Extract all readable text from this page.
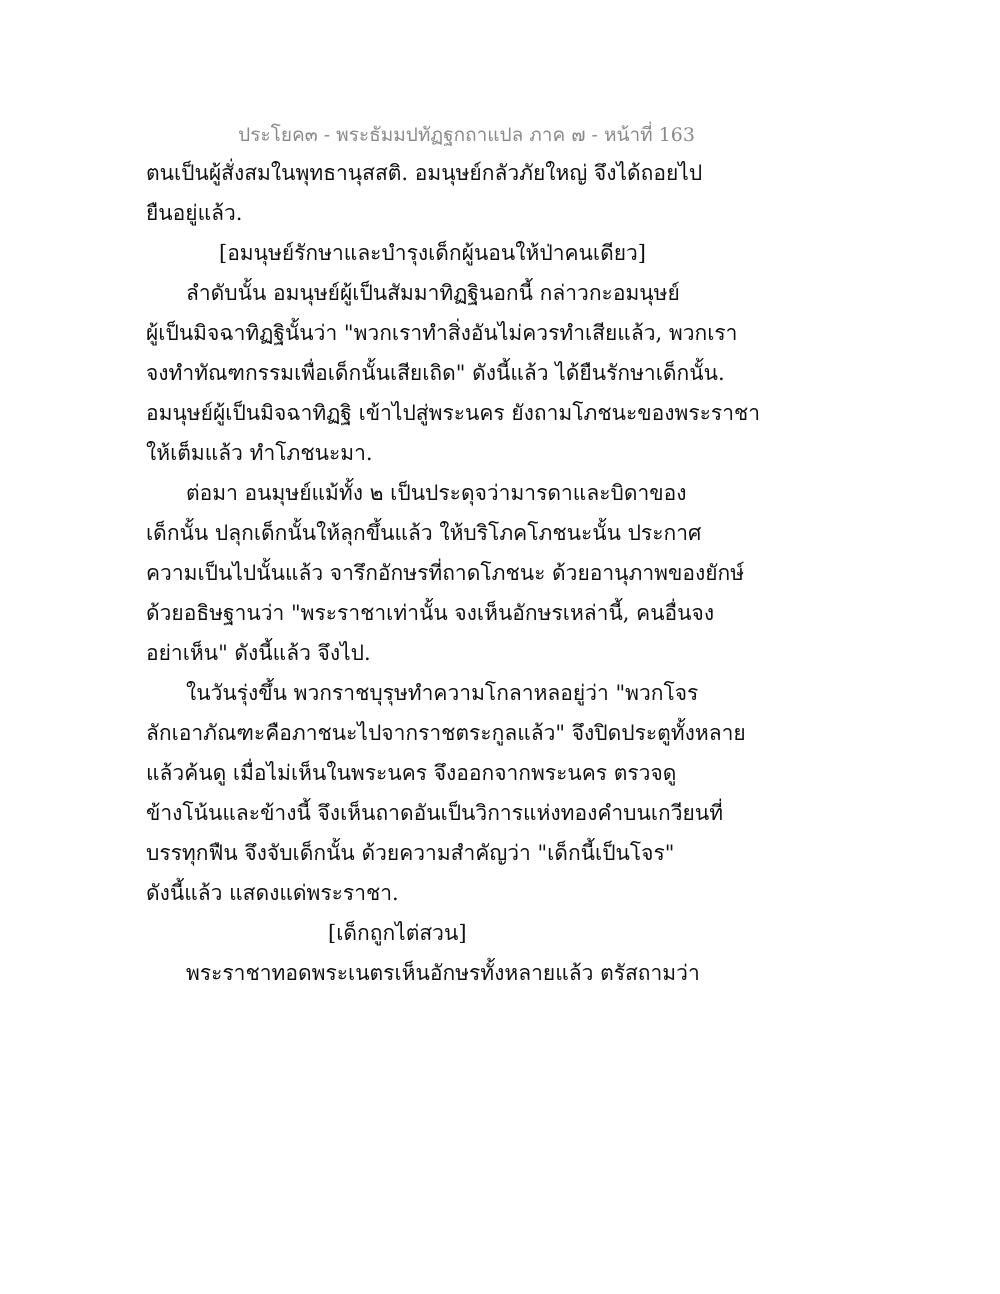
ประโยค๓ - พระธัมมปทัฏฐกถาแปล ภาค ๗ - หน้าที่ 163
ตนเป็นผู้สั่งสมในพุทธานุสสติ. อมนุษย์กลัวภัยใหญ่ จึงได้ถอยไป
ยืนอยู่แล้ว.
[อมนุษย์รักษาและบำรุงเด็กผู้นอนให้ป่าคนเดียว]
ลำดับนั้น อมนุษย์ผู้เป็นสัมมาทิฏฐินอกนี้ กล่าวกะอมนุษย์
ผู้เป็นมิจฉาทิฏฐินั้นว่า "พวกเราทำสิ่งอันไม่ควรทำเสียแล้ว, พวกเรา
จงทำทัณฑกรรมเพื่อเด็กนั้นเสียเถิด" ดังนี้แล้ว ได้ยืนรักษาเด็กนั้น.
อมนุษย์ผู้เป็นมิจฉาทิฏฐิ เข้าไปสู่พระนคร ยังถามโภชนะของพระราชา
ให้เต็มแล้ว ทำโภชนะมา.
ต่อมา อนมุษย์แม้ทั้ง ๒ เป็นประดุจว่ามารดาและบิดาของ
เด็กนั้น ปลุกเด็กนั้นให้ลุกขึ้นแล้ว ให้บริโภคโภชนะนั้น ประกาศ
ความเป็นไปนั้นแล้ว จารึกอักษรที่ถาดโภชนะ ด้วยอานุภาพของยักษ์
ด้วยอธิษฐานว่า "พระราชาเท่านั้น จงเห็นอักษรเหล่านี้, คนอื่นจง
อย่าเห็น" ดังนี้แล้ว จึงไป.
ในวันรุ่งขึ้น พวกราชบุรุษทำความโกลาหลอยู่ว่า "พวกโจร
ลักเอาภัณฑะคือภาชนะไปจากราชตระกูลแล้ว" จึงปิดประตูทั้งหลาย
แล้วค้นดู เมื่อไม่เห็นในพระนคร จึงออกจากพระนคร ตรวจดู
ข้างโน้นและข้างนี้ จึงเห็นถาดอันเป็นวิการแห่งทองคำบนเกวียนที่
บรรทุกฟืน จึงจับเด็กนั้น ด้วยความสำคัญว่า "เด็กนี้เป็นโจร"
ดังนี้แล้ว แสดงแด่พระราชา.
[เด็กถูกไต่สวน]
พระราชาทอดพระเนตรเห็นอักษรทั้งหลายแล้ว ตรัสถามว่า
